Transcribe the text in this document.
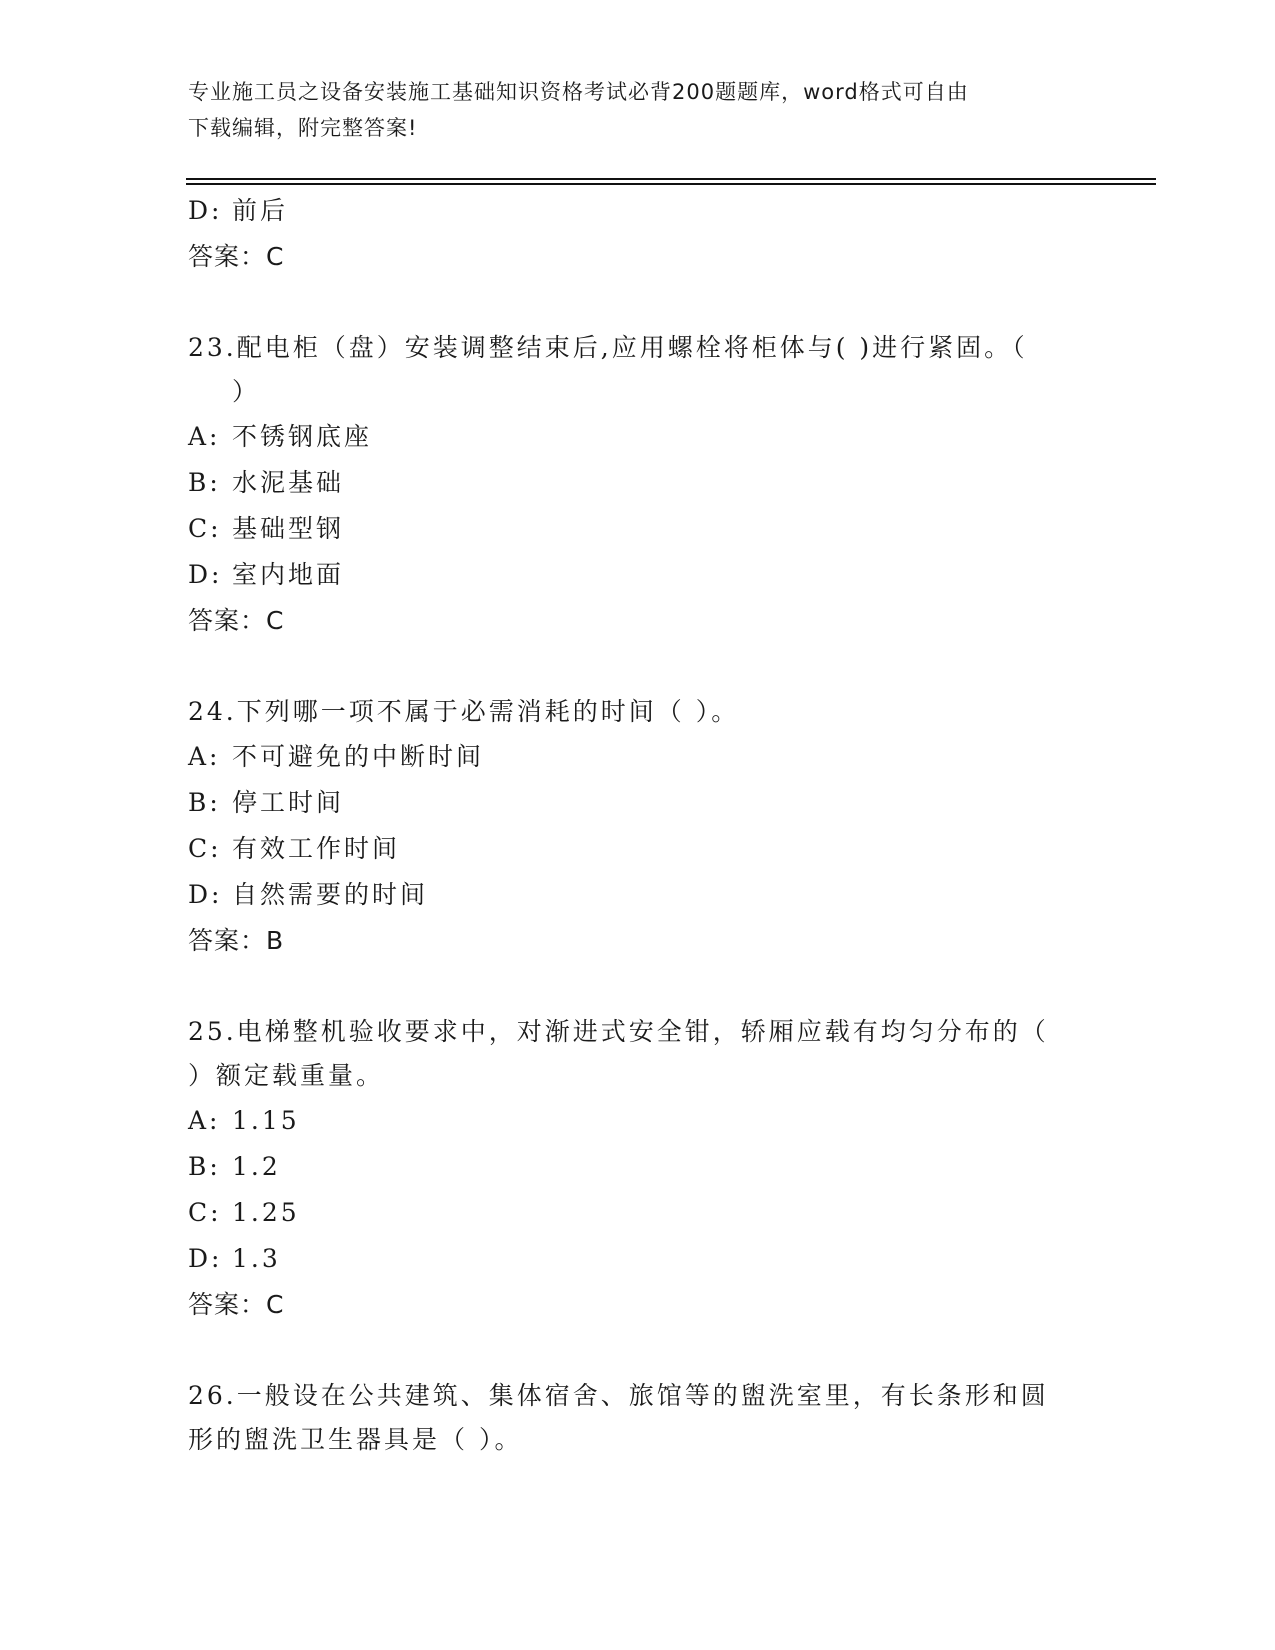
专业施工员之设备安装施工基础知识资格考试必背200题题库，word格式可自由
下载编辑，附完整答案!
D: 前后
答案：C
23.配电柜（盘）安装调整结束后,应用螺栓将柜体与( )进行紧固。（
）
A: 不锈钢底座
B: 水泥基础
C: 基础型钢
D: 室内地面
答案：C
24.下列哪一项不属于必需消耗的时间（ ）。
A: 不可避免的中断时间
B: 停工时间
C: 有效工作时间
D: 自然需要的时间
答案：B
25.电梯整机验收要求中，对渐进式安全钳，轿厢应载有均匀分布的（
）额定载重量。
A: 1.15
B: 1.2
C: 1.25
D: 1.3
答案：C
26.一般设在公共建筑、集体宿舍、旅馆等的盥洗室里，有长条形和圆
形的盥洗卫生器具是（ ）。
